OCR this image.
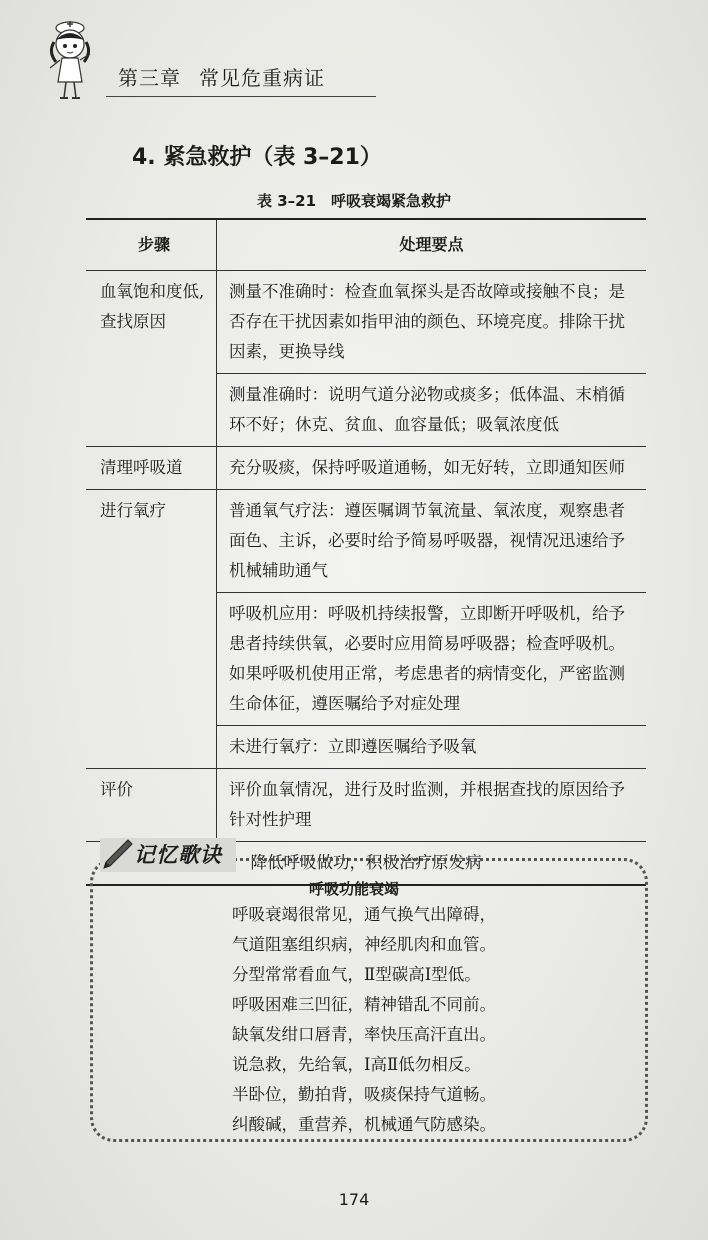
第三章 常见危重病证
4. 紧急救护（表 3–21）
表 3–21　呼吸衰竭紧急救护
步骤	处理要点
血氧饱和度低,查找原因	测量不准确时：检查血氧探头是否故障或接触不良；是否存在干扰因素如指甲油的颜色、环境亮度。排除干扰因素，更换导线
	测量准确时：说明气道分泌物或痰多；低体温、末梢循环不好；休克、贫血、血容量低；吸氧浓度低
清理呼吸道	充分吸痰，保持呼吸道通畅，如无好转，立即通知医师
进行氧疗	普通氧气疗法：遵医嘱调节氧流量、氧浓度，观察患者面色、主诉，必要时给予简易呼吸器，视情况迅速给予机械辅助通气
	呼吸机应用：呼吸机持续报警，立即断开呼吸机，给予患者持续供氧，必要时应用简易呼吸器；检查呼吸机。如果呼吸机使用正常，考虑患者的病情变化，严密监测生命体征，遵医嘱给予对症处理
	未进行氧疗：立即遵医嘱给予吸氧
评价	评价血氧情况，进行及时监测，并根据查找的原因给予针对性护理
降低呼吸做功，积极治疗原发病	
记忆歌诀
呼吸功能衰竭
呼吸衰竭很常见，通气换气出障碍，
气道阻塞组织病，神经肌肉和血管。
分型常常看血气，Ⅱ型碳高Ⅰ型低。
呼吸困难三凹征，精神错乱不同前。
缺氧发绀口唇青，率快压高汗直出。
说急救，先给氧，Ⅰ高Ⅱ低勿相反。
半卧位，勤拍背，吸痰保持气道畅。
纠酸碱，重营养，机械通气防感染。
174
